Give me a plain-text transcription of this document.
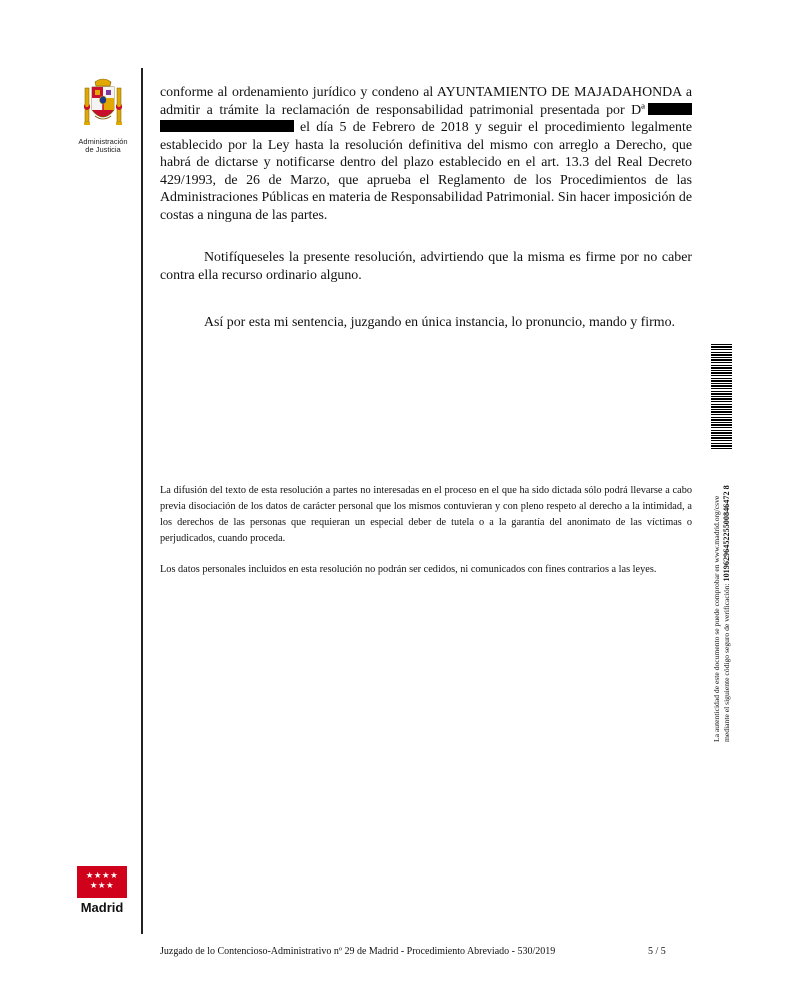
Administración
de Justicia

conforme al ordenamiento jurídico y condeno al AYUNTAMIENTO DE MAJADAHONDA a admitir a trámite la reclamación de responsabilidad patrimonial presentada por Dª el día 5 de Febrero de 2018 y seguir el procedimiento legalmente establecido por la Ley hasta la resolución definitiva del mismo con arreglo a Derecho, que habrá de dictarse y notificarse dentro del plazo establecido en el art. 13.3 del Real Decreto 429/1993, de 26 de Marzo, que aprueba el Reglamento de los Procedimientos de las Administraciones Públicas en materia de Responsabilidad Patrimonial. Sin hacer imposición de costas a ninguna de las partes.

Notifíqueseles la presente resolución, advirtiendo que la misma es firme por no caber contra ella recurso ordinario alguno.

Así por esta mi sentencia, juzgando en única instancia, lo pronuncio, mando y firmo.

La difusión del texto de esta resolución a partes no interesadas en el proceso en el que ha sido dictada sólo podrá llevarse a cabo previa disociación de los datos de carácter personal que los mismos contuvieran y con pleno respeto al derecho a la intimidad, a los derechos de las personas que requieran un especial deber de tutela o a la garantía del anonimato de las víctimas o perjudicados, cuando proceda.

Los datos personales incluidos en esta resolución no podrán ser cedidos, ni comunicados con fines contrarios a las leyes.	La autenticidad de este documento se puede comprobar en www.madrid.org/csve mediante el siguiente código seguro de verificación: 1019629645225500846472 8
★★★★
★★★
Madrid
Juzgado de lo Contencioso-Administrativo nº 29 de Madrid - Procedimiento Abreviado - 530/2019	5 / 5
